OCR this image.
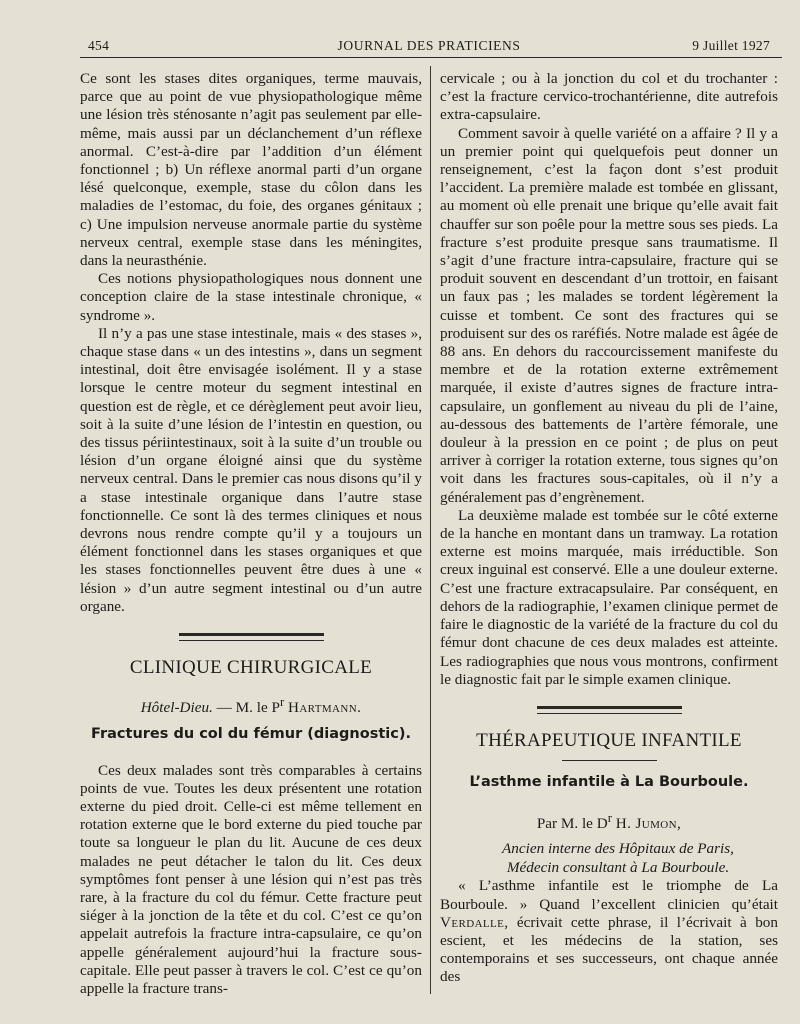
454	JOURNAL DES PRATICIENS	9 Juillet 1927

Ce sont les stases dites organiques, terme mauvais, parce que au point de vue physiopathologique même une lésion très sténosante n’agit pas seulement par elle-même, mais aussi par un déclanchement d’un réflexe anormal. C’est-à-dire par l’addition d’un élément fonctionnel ; b) Un réflexe anormal parti d’un organe lésé quelconque, exemple, stase du côlon dans les maladies de l’estomac, du foie, des organes génitaux ; c) Une impulsion nerveuse anormale partie du système nerveux central, exemple stase dans les méningites, dans la neurasthénie.

Ces notions physiopathologiques nous donnent une conception claire de la stase intestinale chronique, « syndrome ».

Il n’y a pas une stase intestinale, mais « des stases », chaque stase dans « un des intestins », dans un segment intestinal, doit être envisagée isolément. Il y a stase lorsque le centre moteur du segment intestinal en question est de règle, et ce dérèglement peut avoir lieu, soit à la suite d’une lésion de l’intestin en question, ou des tissus périintestinaux, soit à la suite d’un trouble ou lésion d’un organe éloigné ainsi que du système nerveux central. Dans le premier cas nous disons qu’il y a stase intestinale organique dans l’autre stase fonctionnelle. Ce sont là des termes cliniques et nous devrons nous rendre compte qu’il y a toujours un élément fonctionnel dans les stases organiques et que les stases fonctionnelles peuvent être dues à une « lésion » d’un autre segment intestinal ou d’un autre organe.

CLINIQUE CHIRURGICALE
Hôtel-Dieu. — M. le $P^r$ Hartmann.
Fractures du col du fémur (diagnostic).

Ces deux malades sont très comparables à certains points de vue. Toutes les deux présentent une rotation externe du pied droit. Celle-ci est même tellement en rotation externe que le bord externe du pied touche par toute sa longueur le plan du lit. Aucune de ces deux malades ne peut détacher le talon du lit. Ces deux symptômes font penser à une lésion qui n’est pas très rare, à la fracture du col du fémur. Cette fracture peut siéger à la jonction de la tête et du col. C’est ce qu’on appelait autrefois la fracture intra-capsulaire, ce qu’on appelle généralement aujourd’hui la fracture sous-capitale. Elle peut passer à travers le col. C’est ce qu’on appelle la fracture trans-

cervicale ; ou à la jonction du col et du trochanter : c’est la fracture cervico-trochantérienne, dite autrefois extra-capsulaire.

Comment savoir à quelle variété on a affaire ? Il y a un premier point qui quelquefois peut donner un renseignement, c’est la façon dont s’est produit l’accident. La première malade est tombée en glissant, au moment où elle prenait une brique qu’elle avait fait chauffer sur son poêle pour la mettre sous ses pieds. La fracture s’est produite presque sans traumatisme. Il s’agit d’une fracture intra-capsulaire, fracture qui se produit souvent en descendant d’un trottoir, en faisant un faux pas ; les malades se tordent légèrement la cuisse et tombent. Ce sont des fractures qui se produisent sur des os raréfiés. Notre malade est âgée de 88 ans. En dehors du raccourcissement manifeste du membre et de la rotation externe extrêmement marquée, il existe d’autres signes de fracture intra-capsulaire, un gonflement au niveau du pli de l’aine, au-dessous des battements de l’artère fémorale, une douleur à la pression en ce point ; de plus on peut arriver à corriger la rotation externe, tous signes qu’on voit dans les fractures sous-capitales, où il n’y a généralement pas d’engrènement.

La deuxième malade est tombée sur le côté externe de la hanche en montant dans un tramway. La rotation externe est moins marquée, mais irréductible. Son creux inguinal est conservé. Elle a une douleur externe. C’est une fracture extracapsulaire. Par conséquent, en dehors de la radiographie, l’examen clinique permet de faire le diagnostic de la variété de la fracture du col du fémur dont chacune de ces deux malades est atteinte. Les radiographies que nous vous montrons, confirment le diagnostic fait par le simple examen clinique.

THÉRAPEUTIQUE INFANTILE
L’asthme infantile à La Bourboule.
Par M. le $D^r$ H. Jumon,

Ancien interne des Hôpitaux de Paris,

Médecin consultant à La Bourboule.

« L’asthme infantile est le triomphe de La Bourboule. » Quand l’excellent clinicien qu’était Verdalle, écrivait cette phrase, il l’écrivait à bon escient, et les médecins de la station, ses contemporains et ses successeurs, ont chaque année des
